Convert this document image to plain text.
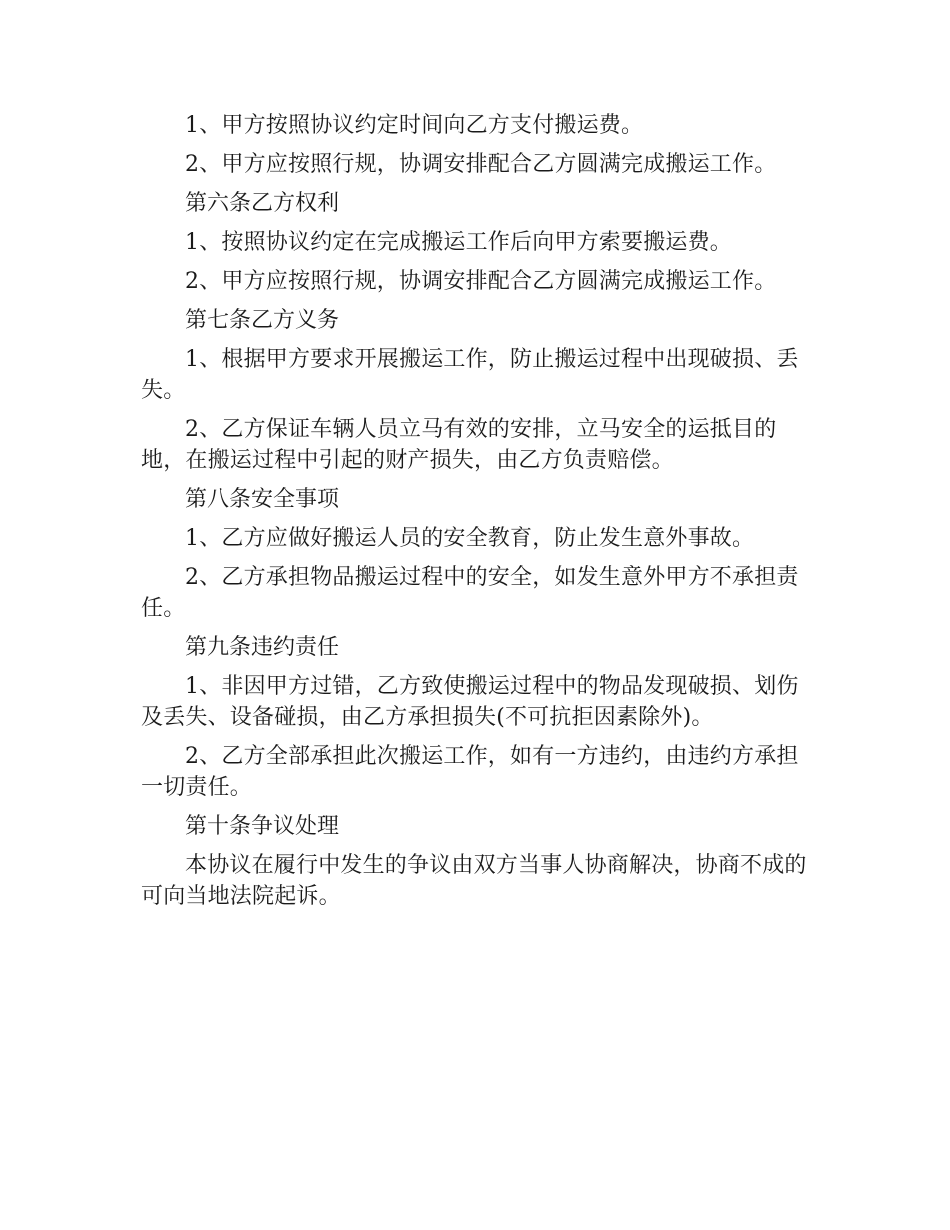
1、甲方按照协议约定时间向乙方支付搬运费。

2、甲方应按照行规，协调安排配合乙方圆满完成搬运工作。

第六条乙方权利

1、按照协议约定在完成搬运工作后向甲方索要搬运费。

2、甲方应按照行规，协调安排配合乙方圆满完成搬运工作。

第七条乙方义务

1、根据甲方要求开展搬运工作，防止搬运过程中出现破损、丢失。

2、乙方保证车辆人员立马有效的安排，立马安全的运抵目的地，在搬运过程中引起的财产损失，由乙方负责赔偿。

第八条安全事项

1、乙方应做好搬运人员的安全教育，防止发生意外事故。

2、乙方承担物品搬运过程中的安全，如发生意外甲方不承担责任。

第九条违约责任

1、非因甲方过错，乙方致使搬运过程中的物品发现破损、划伤及丢失、设备碰损，由乙方承担损失(不可抗拒因素除外)。

2、乙方全部承担此次搬运工作，如有一方违约，由违约方承担一切责任。

第十条争议处理

本协议在履行中发生的争议由双方当事人协商解决，协商不成的可向当地法院起诉。
